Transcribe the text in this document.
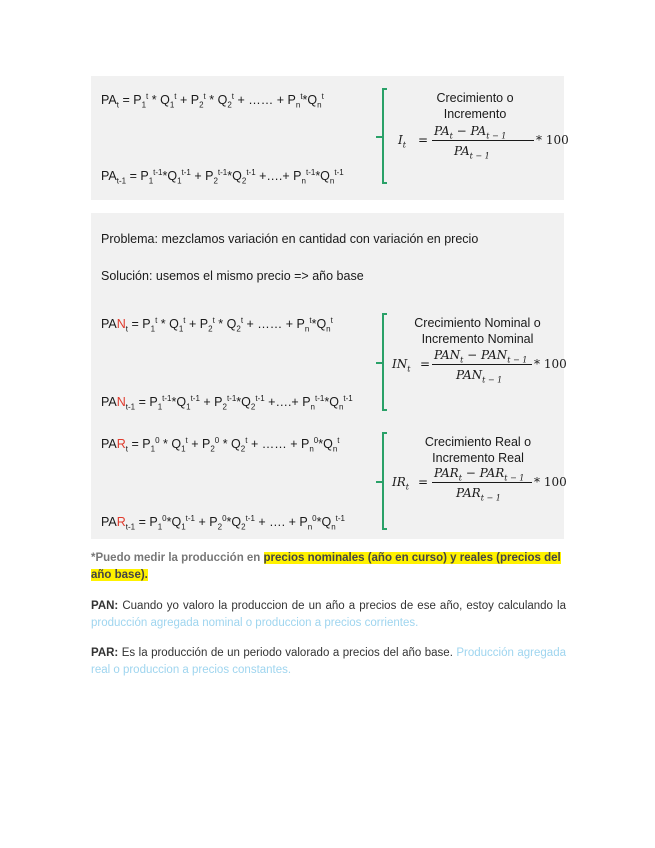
$PA_t = P_1^t * Q_1^t + P_2^t * Q_2^t$ + …… + $P_n^t*Q_n^t$
$PA_{t-1} = P_1^{t-1}*Q_1^{t-1} + P_2^{t-1}*Q_2^{t-1}$ +….+ $P_n^{t-1}*Q_n^{t-1}$
Crecimiento o
Incremento
$I_t$ =
$PA_t - PA_{t - 1}$
$PA_{t - 1}$
* 100
Problema: mezclamos variación en cantidad con variación en precio
Solución: usemos el mismo precio => año base
$PAN_t = P_1^t * Q_1^t + P_2^t * Q_2^t$ + …… + $P_n^t*Q_n^t$
$PAN_{t-1} = P_1^{t-1}*Q_1^{t-1} + P_2^{t-1}*Q_2^{t-1}$ +….+ $P_n^{t-1}*Q_n^{t-1}$
Crecimiento Nominal o
Incremento Nominal
$IN_t$ =
$PAN_t - PAN_{t - 1}$
$PAN_{t - 1}$
* 100
$PAR_t = P_1^0 * Q_1^t + P_2^0 * Q_2^t$ + …… + $P_n^0*Q_n^t$
$PAR_{t-1} = P_1^0*Q_1^{t-1} + P_2^0*Q_2^{t-1}$ + …. + $P_n^0*Q_n^{t-1}$
Crecimiento Real o
Incremento Real
$IR_t$ =
$PAR_t - PAR_{t - 1}$
$PAR_{t - 1}$
* 100
*Puedo medir la producción en precios nominales (año en curso) y reales (precios del año base).
PAN: Cuando yo valoro la produccion de un año a precios de ese año, estoy calculando la producción agregada nominal o produccion a precios corrientes.
PAR: Es la producción de un periodo valorado a precios del año base. Producción agregada real o produccion a precios constantes.
